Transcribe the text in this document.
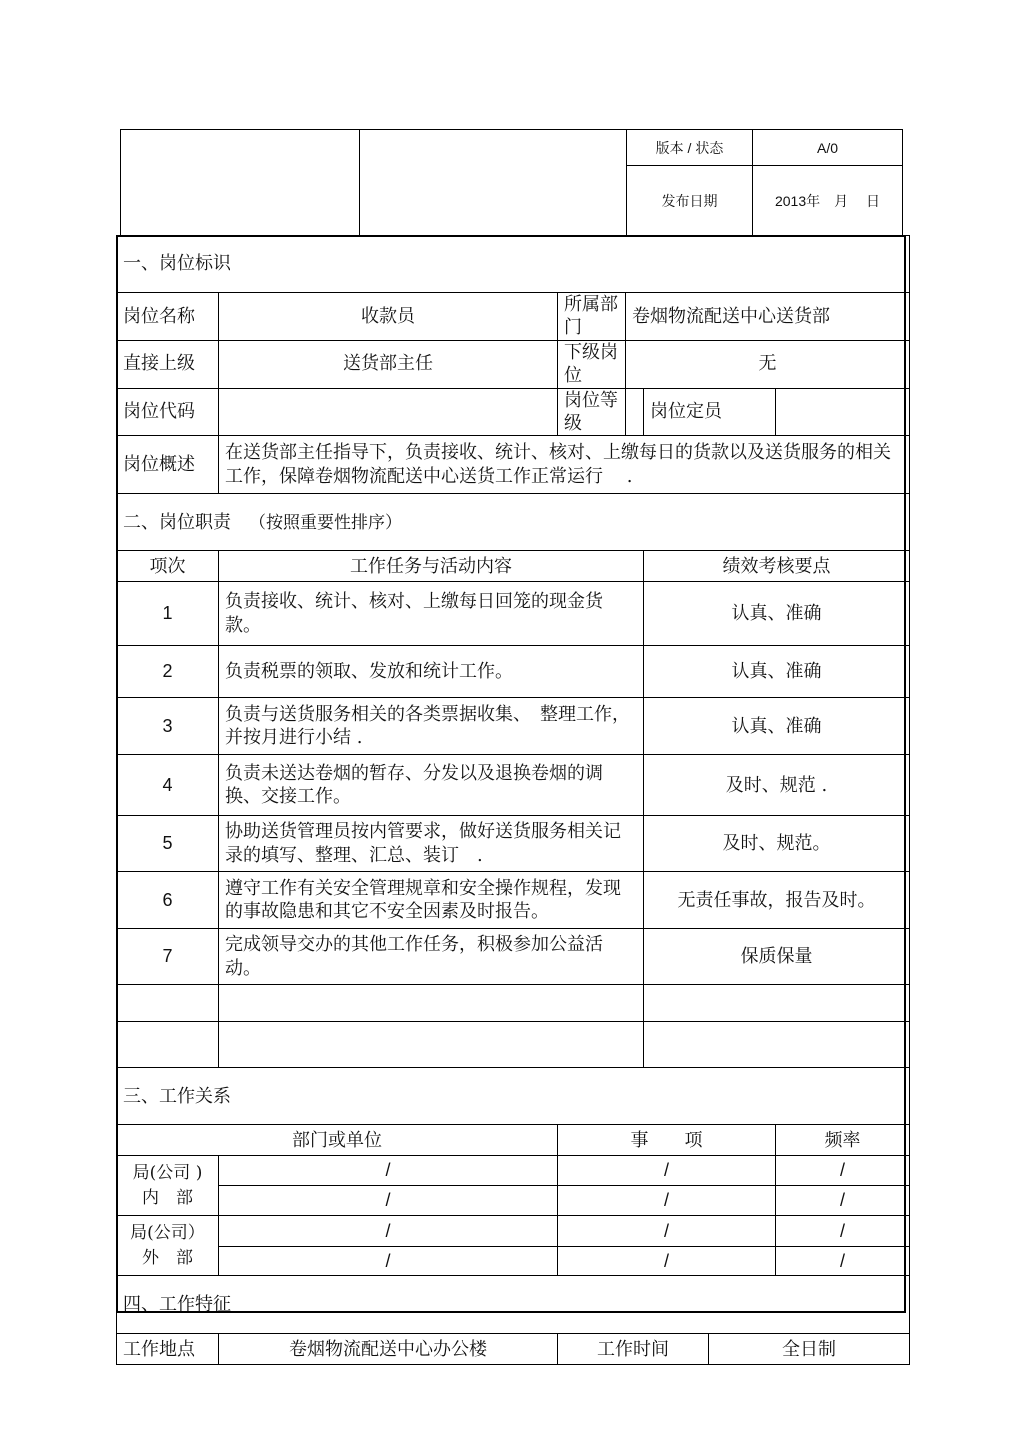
		版本 / 状态	A/0
		发布日期	2013年　月　 日
一、岗位标识						
岗位名称	收款员	所属部门	卷烟物流配送中心送货部			
直接上级	送货部主任	下级岗位	无			
岗位代码		岗位等级		岗位定员		
岗位概述	在送货部主任指导下，负责接收、统计、核对、上缴每日的货款以及送货服务的相关工作，保障卷烟物流配送中心送货工作正常运行　 .					
二、岗位职责 （按照重要性排序）						
项次	工作任务与活动内容			绩效考核要点		
1	负责接收、统计、核对、上缴每日回笼的现金货款。			认真、准确		
2	负责税票的领取、发放和统计工作。			认真、准确		
3	负责与送货服务相关的各类票据收集、　整理工作，并按月进行小结 .			认真、准确		
4	负责未送达卷烟的暂存、分发以及退换卷烟的调换、交接工作。			及时、规范 .		
5	协助送货管理员按内管要求，做好送货服务相关记录的填写、整理、汇总、装订　.			及时、规范。		
6	遵守工作有关安全管理规章和安全操作规程，发现的事故隐患和其它不安全因素及时报告。			无责任事故，报告及时。		
7	完成领导交办的其他工作任务，积极参加公益活动。			保质保量		

三、工作关系						
部门或单位		事　　项				频率
局(公司 )
内　部	/	/				/
	/	/				/
局(公司）
外　部	/	/				/
	/	/				/
四、工作特征						
工作地点	卷烟物流配送中心办公楼	工作时间			全日制	
